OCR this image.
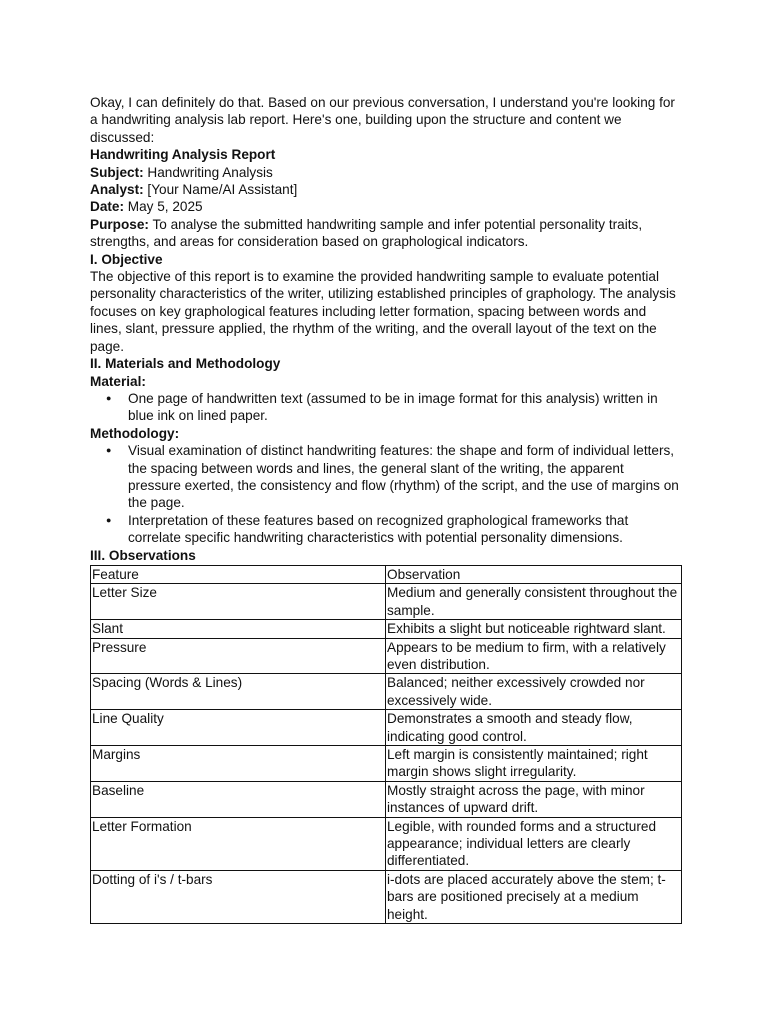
Okay, I can definitely do that. Based on our previous conversation, I understand you're looking for a handwriting analysis lab report. Here's one, building upon the structure and content we discussed:

Handwriting Analysis Report

Subject: Handwriting Analysis

Analyst: [Your Name/AI Assistant]

Date: May 5, 2025

Purpose: To analyse the submitted handwriting sample and infer potential personality traits, strengths, and areas for consideration based on graphological indicators.

I. Objective

The objective of this report is to examine the provided handwriting sample to evaluate potential personality characteristics of the writer, utilizing established principles of graphology. The analysis focuses on key graphological features including letter formation, spacing between words and lines, slant, pressure applied, the rhythm of the writing, and the overall layout of the text on the page.

II. Materials and Methodology

Material:

● One page of handwritten text (assumed to be in image format for this analysis) written in blue ink on lined paper.

Methodology:

● Visual examination of distinct handwriting features: the shape and form of individual letters, the spacing between words and lines, the general slant of the writing, the apparent pressure exerted, the consistency and flow (rhythm) of the script, and the use of margins on the page.
● Interpretation of these features based on recognized graphological frameworks that correlate specific handwriting characteristics with potential personality dimensions.

III. Observations

Feature	Observation
Letter Size	Medium and generally consistent throughout the sample.
Slant	Exhibits a slight but noticeable rightward slant.
Pressure	Appears to be medium to firm, with a relatively even distribution.
Spacing (Words & Lines)	Balanced; neither excessively crowded nor excessively wide.
Line Quality	Demonstrates a smooth and steady flow, indicating good control.
Margins	Left margin is consistently maintained; right margin shows slight irregularity.
Baseline	Mostly straight across the page, with minor instances of upward drift.
Letter Formation	Legible, with rounded forms and a structured appearance; individual letters are clearly differentiated.
Dotting of i's / t-bars	i-dots are placed accurately above the stem; t-bars are positioned precisely at a medium height.
